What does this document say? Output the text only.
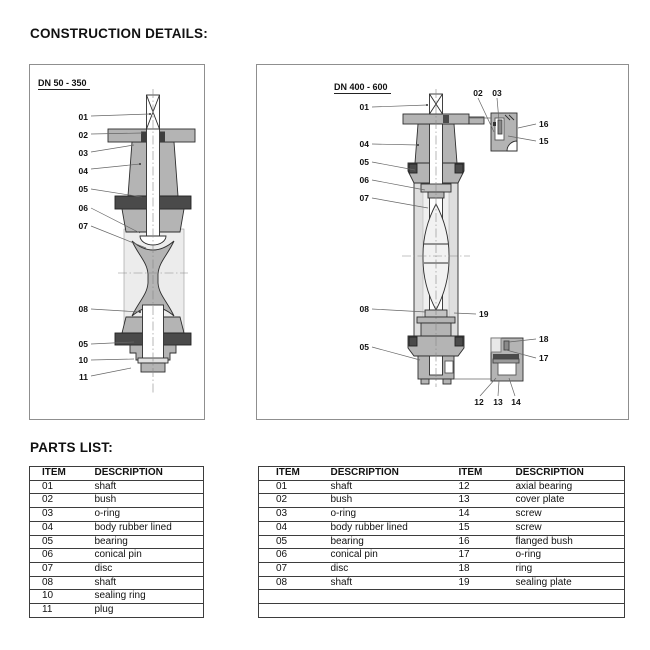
CONSTRUCTION DETAILS:
01
02
03
04
05
06
07
08
05
10
11
DN 50 - 350
01
04
05
06
07
08
05
19
02 03
16
15
18
17
12 13 14
DN 400 - 600
PARTS LIST:
ITEM	DESCRIPTION
01	shaft
02	bush
03	o-ring
04	body rubber lined
05	bearing
06	conical pin
07	disc
08	shaft
10	sealing ring
11	plug
ITEM	DESCRIPTION	ITEM	DESCRIPTION
01	shaft	12	axial bearing
02	bush	13	cover plate
03	o-ring	14	screw
04	body rubber lined	15	screw
05	bearing	16	flanged bush
06	conical pin	17	o-ring
07	disc	18	ring
08	shaft	19	sealing plate
